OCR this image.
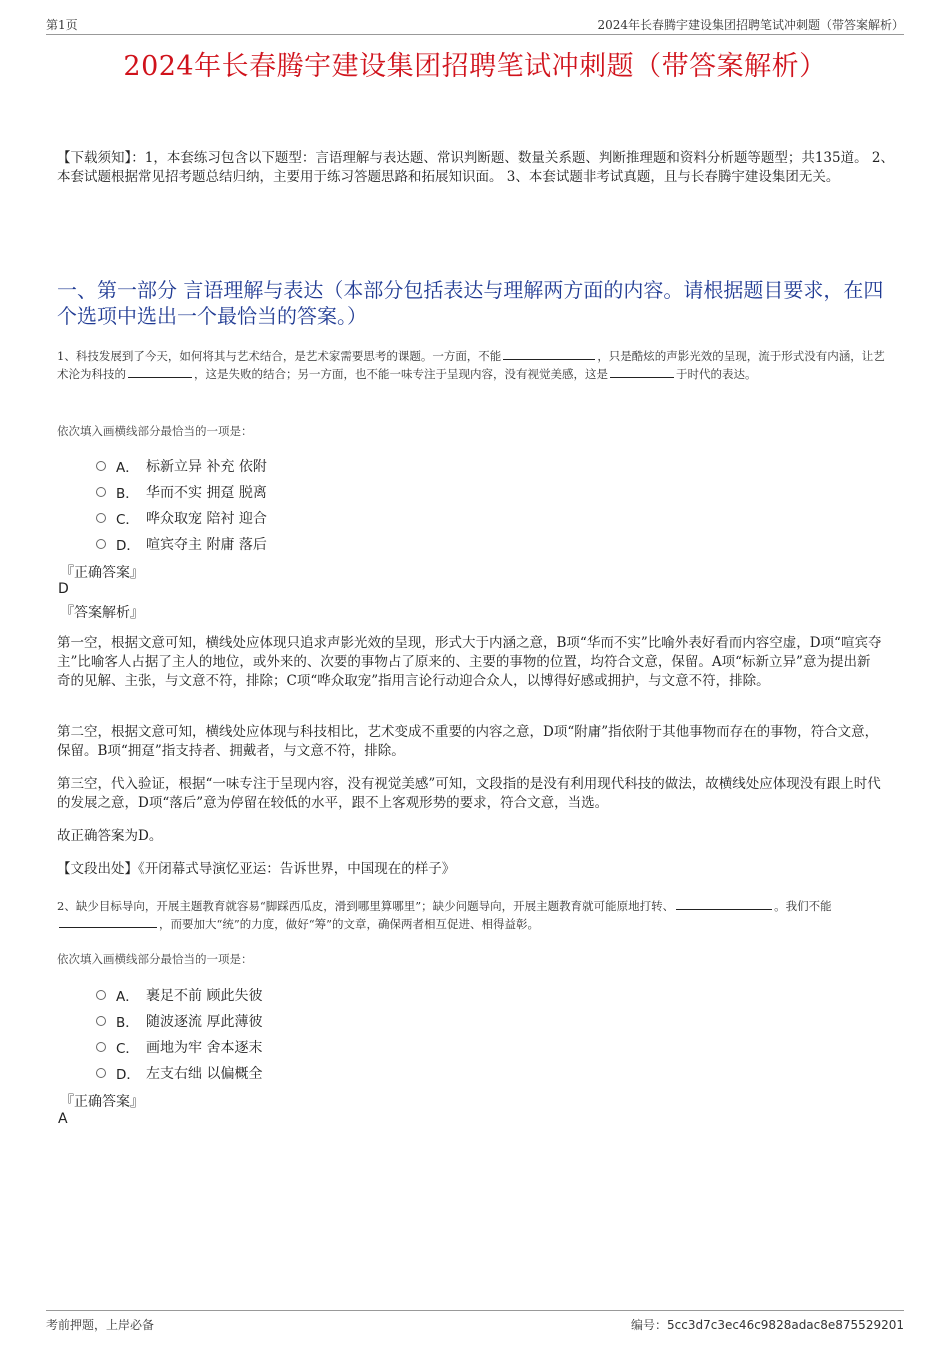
第1页	2024年长春腾宇建设集团招聘笔试冲刺题（带答案解析）
2024年长春腾宇建设集团招聘笔试冲刺题（带答案解析）
【下载须知】：1，本套练习包含以下题型：言语理解与表达题、常识判断题、数量关系题、判断推理题和资料分析题等题型；共135道。 2、本套试题根据常见招考题总结归纳，主要用于练习答题思路和拓展知识面。 3、本套试题非考试真题，且与长春腾宇建设集团无关。
一、第一部分 言语理解与表达（本部分包括表达与理解两方面的内容。请根据题目要求，在四个选项中选出一个最恰当的答案。）
1、科技发展到了今天，如何将其与艺术结合，是艺术家需要思考的课题。一方面，不能	，只是酷炫的声影光效的呈现，流于形式没有内涵，让艺术沦为科技的	，这是失败的结合；另一方面，也不能一味专注于呈现内容，没有视觉美感，这是	于时代的表达。
依次填入画横线部分最恰当的一项是：
A． 标新立异 补充 依附
B． 华而不实 拥趸 脱离
C． 哗众取宠 陪衬 迎合
D． 喧宾夺主 附庸 落后
『正确答案』
D
『答案解析』
第一空，根据文意可知，横线处应体现只追求声影光效的呈现，形式大于内涵之意，B项“华而不实”比喻外表好看而内容空虚，D项“喧宾夺主”比喻客人占据了主人的地位，或外来的、次要的事物占了原来的、主要的事物的位置，均符合文意，保留。A项“标新立异”意为提出新奇的见解、主张，与文意不符，排除；C项“哗众取宠”指用言论行动迎合众人，以博得好感或拥护，与文意不符，排除。
第二空，根据文意可知，横线处应体现与科技相比，艺术变成不重要的内容之意，D项“附庸”指依附于其他事物而存在的事物，符合文意，保留。B项“拥趸”指支持者、拥戴者，与文意不符，排除。
第三空，代入验证，根据“一味专注于呈现内容，没有视觉美感”可知，文段指的是没有利用现代科技的做法，故横线处应体现没有跟上时代的发展之意，D项“落后”意为停留在较低的水平，跟不上客观形势的要求，符合文意，当选。
故正确答案为D。
【文段出处】《开闭幕式导演忆亚运：告诉世界，中国现在的样子》
2、缺少目标导向，开展主题教育就容易“脚踩西瓜皮，滑到哪里算哪里”；缺少问题导向，开展主题教育就可能原地打转、	。我们不能，而要加大“统”的力度，做好“筹”的文章，确保两者相互促进、相得益彰。
依次填入画横线部分最恰当的一项是：
A． 裹足不前 顾此失彼
B． 随波逐流 厚此薄彼
C． 画地为牢 舍本逐末
D． 左支右绌 以偏概全
『正确答案』
A
考前押题，上岸必备	编号：5cc3d7c3ec46c9828adac8e875529201
